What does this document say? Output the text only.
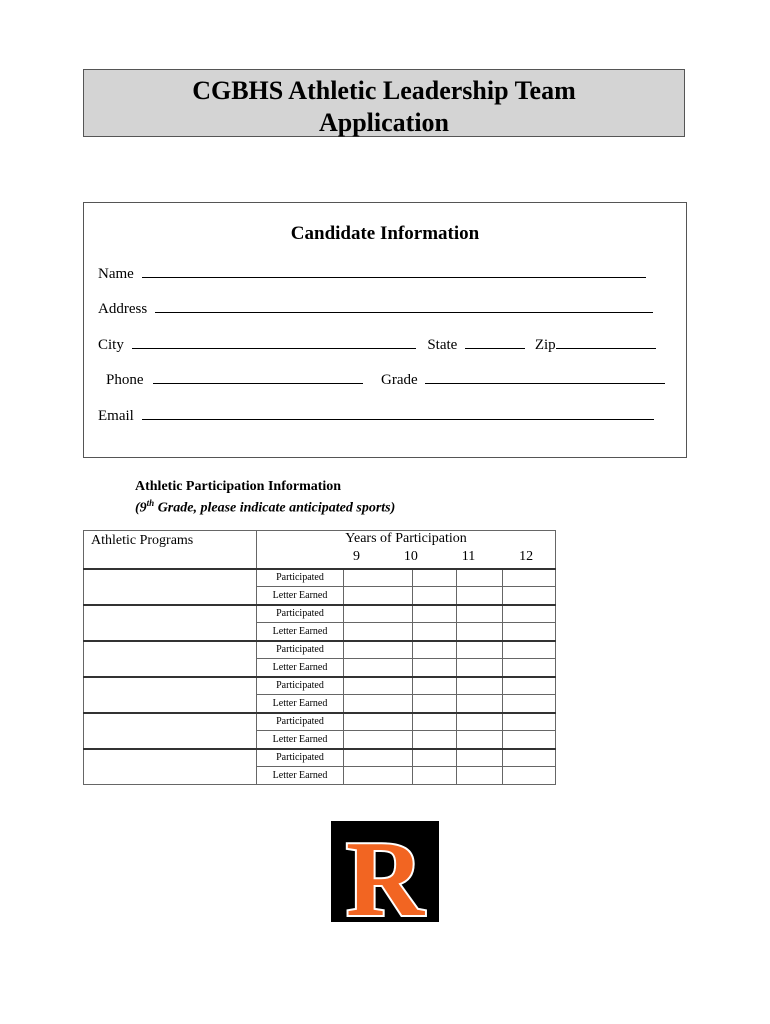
CGBHS Athletic Leadership Team
Application
Candidate Information
Name
Address
City	State	Zip
Phone	Grade
Email
Athletic Participation Information
(9th Grade, please indicate anticipated sports)
Athletic Programs	Years of Participation
9 10 11 12				

	Participated				
	Letter Earned				
	Participated				
	Letter Earned				
	Participated				
	Letter Earned				
	Participated				
	Letter Earned				
	Participated				
	Letter Earned				
	Participated				
	Letter Earned				
R
